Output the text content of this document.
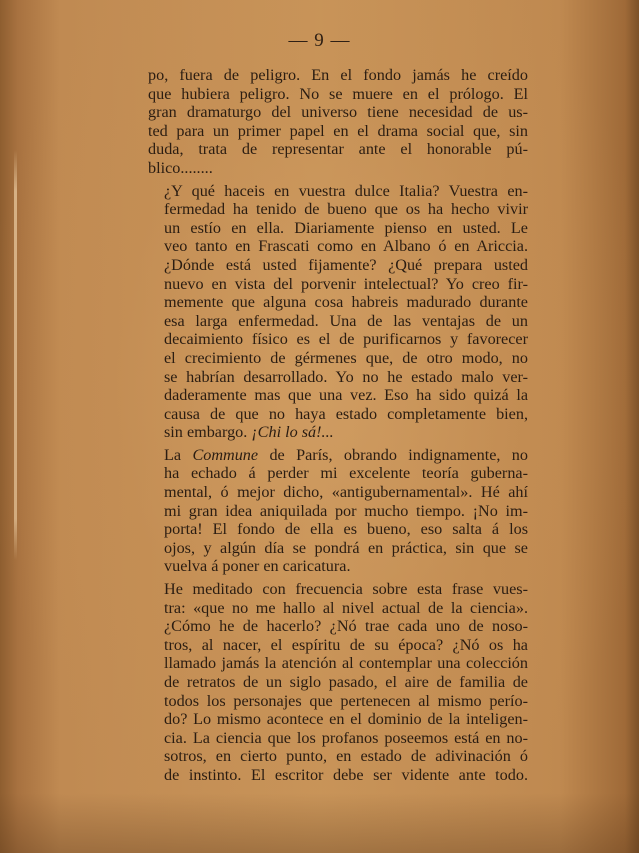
— 9 —

po, fuera de peligro. En el fondo jamás he creído
que hubiera peligro. No se muere en el prólogo. El
gran dramaturgo del universo tiene necesidad de us-
ted para un primer papel en el drama social que, sin
duda, trata de representar ante el honorable pú-
blico........

¿Y qué haceis en vuestra dulce Italia? Vuestra en-
fermedad ha tenido de bueno que os ha hecho vivir
un estío en ella. Diariamente pienso en usted. Le
veo tanto en Frascati como en Albano ó en Ariccia.
¿Dónde está usted fijamente? ¿Qué prepara usted
nuevo en vista del porvenir intelectual? Yo creo fir-
memente que alguna cosa habreis madurado durante
esa larga enfermedad. Una de las ventajas de un
decaimiento físico es el de purificarnos y favorecer
el crecimiento de gérmenes que, de otro modo, no
se habrían desarrollado. Yo no he estado malo ver-
daderamente mas que una vez. Eso ha sido quizá la
causa de que no haya estado completamente bien,
sin embargo. ¡Chi lo sá!...

La Commune de París, obrando indignamente, no
ha echado á perder mi excelente teoría guberna-
mental, ó mejor dicho, «antigubernamental». Hé ahí
mi gran idea aniquilada por mucho tiempo. ¡No im-
porta! El fondo de ella es bueno, eso salta á los
ojos, y algún día se pondrá en práctica, sin que se
vuelva á poner en caricatura.

He meditado con frecuencia sobre esta frase vues-
tra: «que no me hallo al nivel actual de la ciencia».
¿Cómo he de hacerlo? ¿Nó trae cada uno de noso-
tros, al nacer, el espíritu de su época? ¿Nó os ha
llamado jamás la atención al contemplar una colección
de retratos de un siglo pasado, el aire de familia de
todos los personajes que pertenecen al mismo perío-
do? Lo mismo acontece en el dominio de la inteligen-
cia. La ciencia que los profanos poseemos está en no-
sotros, en cierto punto, en estado de adivinación ó
de instinto. El escritor debe ser vidente ante todo.
